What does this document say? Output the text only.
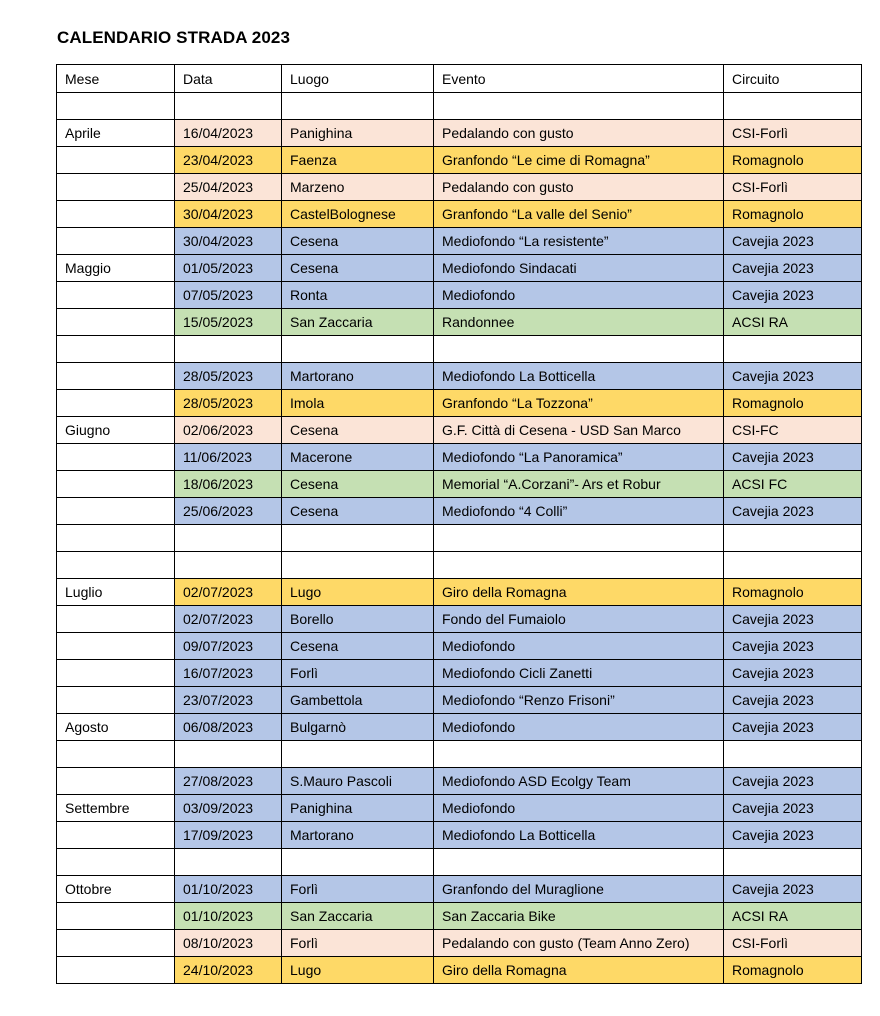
CALENDARIO STRADA 2023
Mese	Data	Luogo	Evento	Circuito

Aprile	16/04/2023	Panighina	Pedalando con gusto	CSI-Forlì
	23/04/2023	Faenza	Granfondo “Le cime di Romagna”	Romagnolo
	25/04/2023	Marzeno	Pedalando con gusto	CSI-Forlì
	30/04/2023	CastelBolognese	Granfondo “La valle del Senio”	Romagnolo
	30/04/2023	Cesena	Mediofondo “La resistente”	Cavejia 2023
Maggio	01/05/2023	Cesena	Mediofondo Sindacati	Cavejia 2023
	07/05/2023	Ronta	Mediofondo	Cavejia 2023
	15/05/2023	San Zaccaria	Randonnee	ACSI RA

	28/05/2023	Martorano	Mediofondo La Botticella	Cavejia 2023
	28/05/2023	Imola	Granfondo “La Tozzona”	Romagnolo
Giugno	02/06/2023	Cesena	G.F. Città di Cesena - USD San Marco	CSI-FC
	11/06/2023	Macerone	Mediofondo “La Panoramica”	Cavejia 2023
	18/06/2023	Cesena	Memorial “A.Corzani”- Ars et Robur	ACSI FC
	25/06/2023	Cesena	Mediofondo “4 Colli”	Cavejia 2023

Luglio	02/07/2023	Lugo	Giro della Romagna	Romagnolo
	02/07/2023	Borello	Fondo del Fumaiolo	Cavejia 2023
	09/07/2023	Cesena	Mediofondo	Cavejia 2023
	16/07/2023	Forlì	Mediofondo Cicli Zanetti	Cavejia 2023
	23/07/2023	Gambettola	Mediofondo “Renzo Frisoni”	Cavejia 2023
Agosto	06/08/2023	Bulgarnò	Mediofondo	Cavejia 2023

	27/08/2023	S.Mauro Pascoli	Mediofondo ASD Ecolgy Team	Cavejia 2023
Settembre	03/09/2023	Panighina	Mediofondo	Cavejia 2023
	17/09/2023	Martorano	Mediofondo La Botticella	Cavejia 2023

Ottobre	01/10/2023	Forlì	Granfondo del Muraglione	Cavejia 2023
	01/10/2023	San Zaccaria	San Zaccaria Bike	ACSI RA
	08/10/2023	Forlì	Pedalando con gusto (Team Anno Zero)	CSI-Forlì
	24/10/2023	Lugo	Giro della Romagna	Romagnolo
